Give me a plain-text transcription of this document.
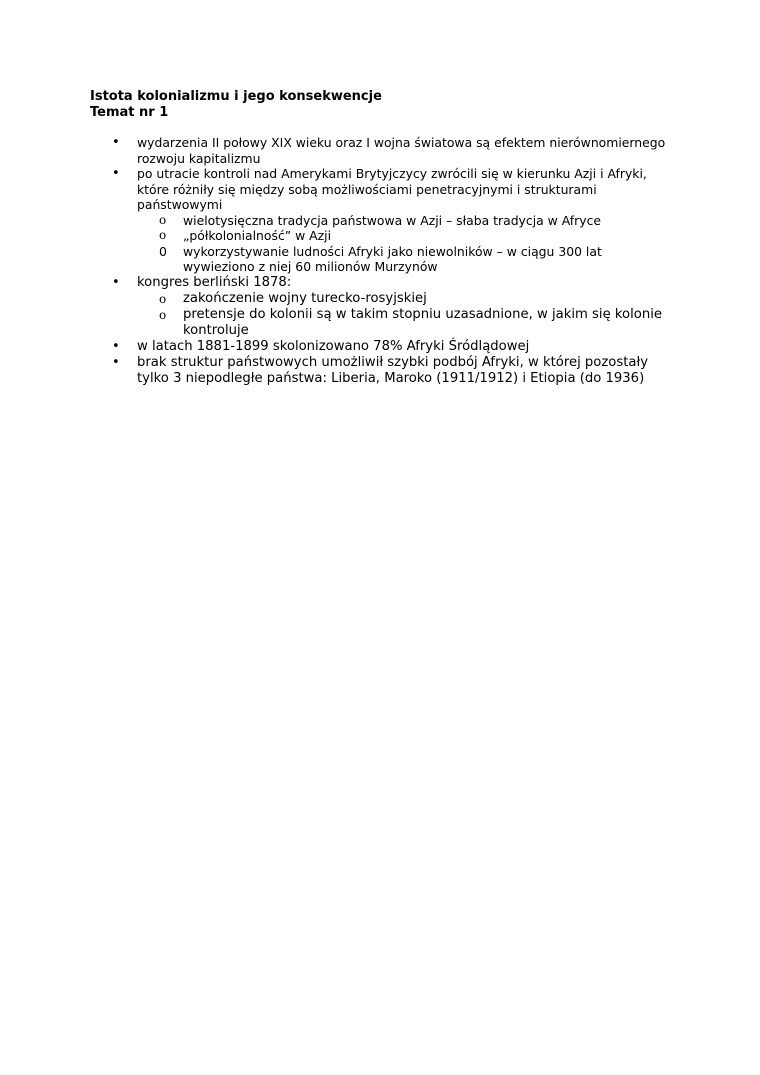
Istota kolonializmu i jego konsekwencje
Temat nr 1
• wydarzenia II połowy XIX wieku oraz I wojna światowa są efektem nierównomiernego rozwoju kapitalizmu
• po utracie kontroli nad Amerykami Brytyjczycy zwrócili się w kierunku Azji i Afryki, które różniły się między sobą możliwościami penetracyjnymi i strukturami państwowymi
o wielotysięczna tradycja państwowa w Azji – słaba tradycja w Afryce
o „półkolonialność” w Azji
0 wykorzystywanie ludności Afryki jako niewolników – w ciągu 300 lat wywieziono z niej 60 milionów Murzynów
• kongres berliński 1878:
o zakończenie wojny turecko-rosyjskiej
o pretensje do kolonii są w takim stopniu uzasadnione, w jakim się kolonie kontroluje
• w latach 1881-1899 skolonizowano 78% Afryki Śródlądowej
• brak struktur państwowych umożliwił szybki podbój Afryki, w której pozostały tylko 3 niepodległe państwa: Liberia, Maroko (1911/1912) i Etiopia (do 1936)
